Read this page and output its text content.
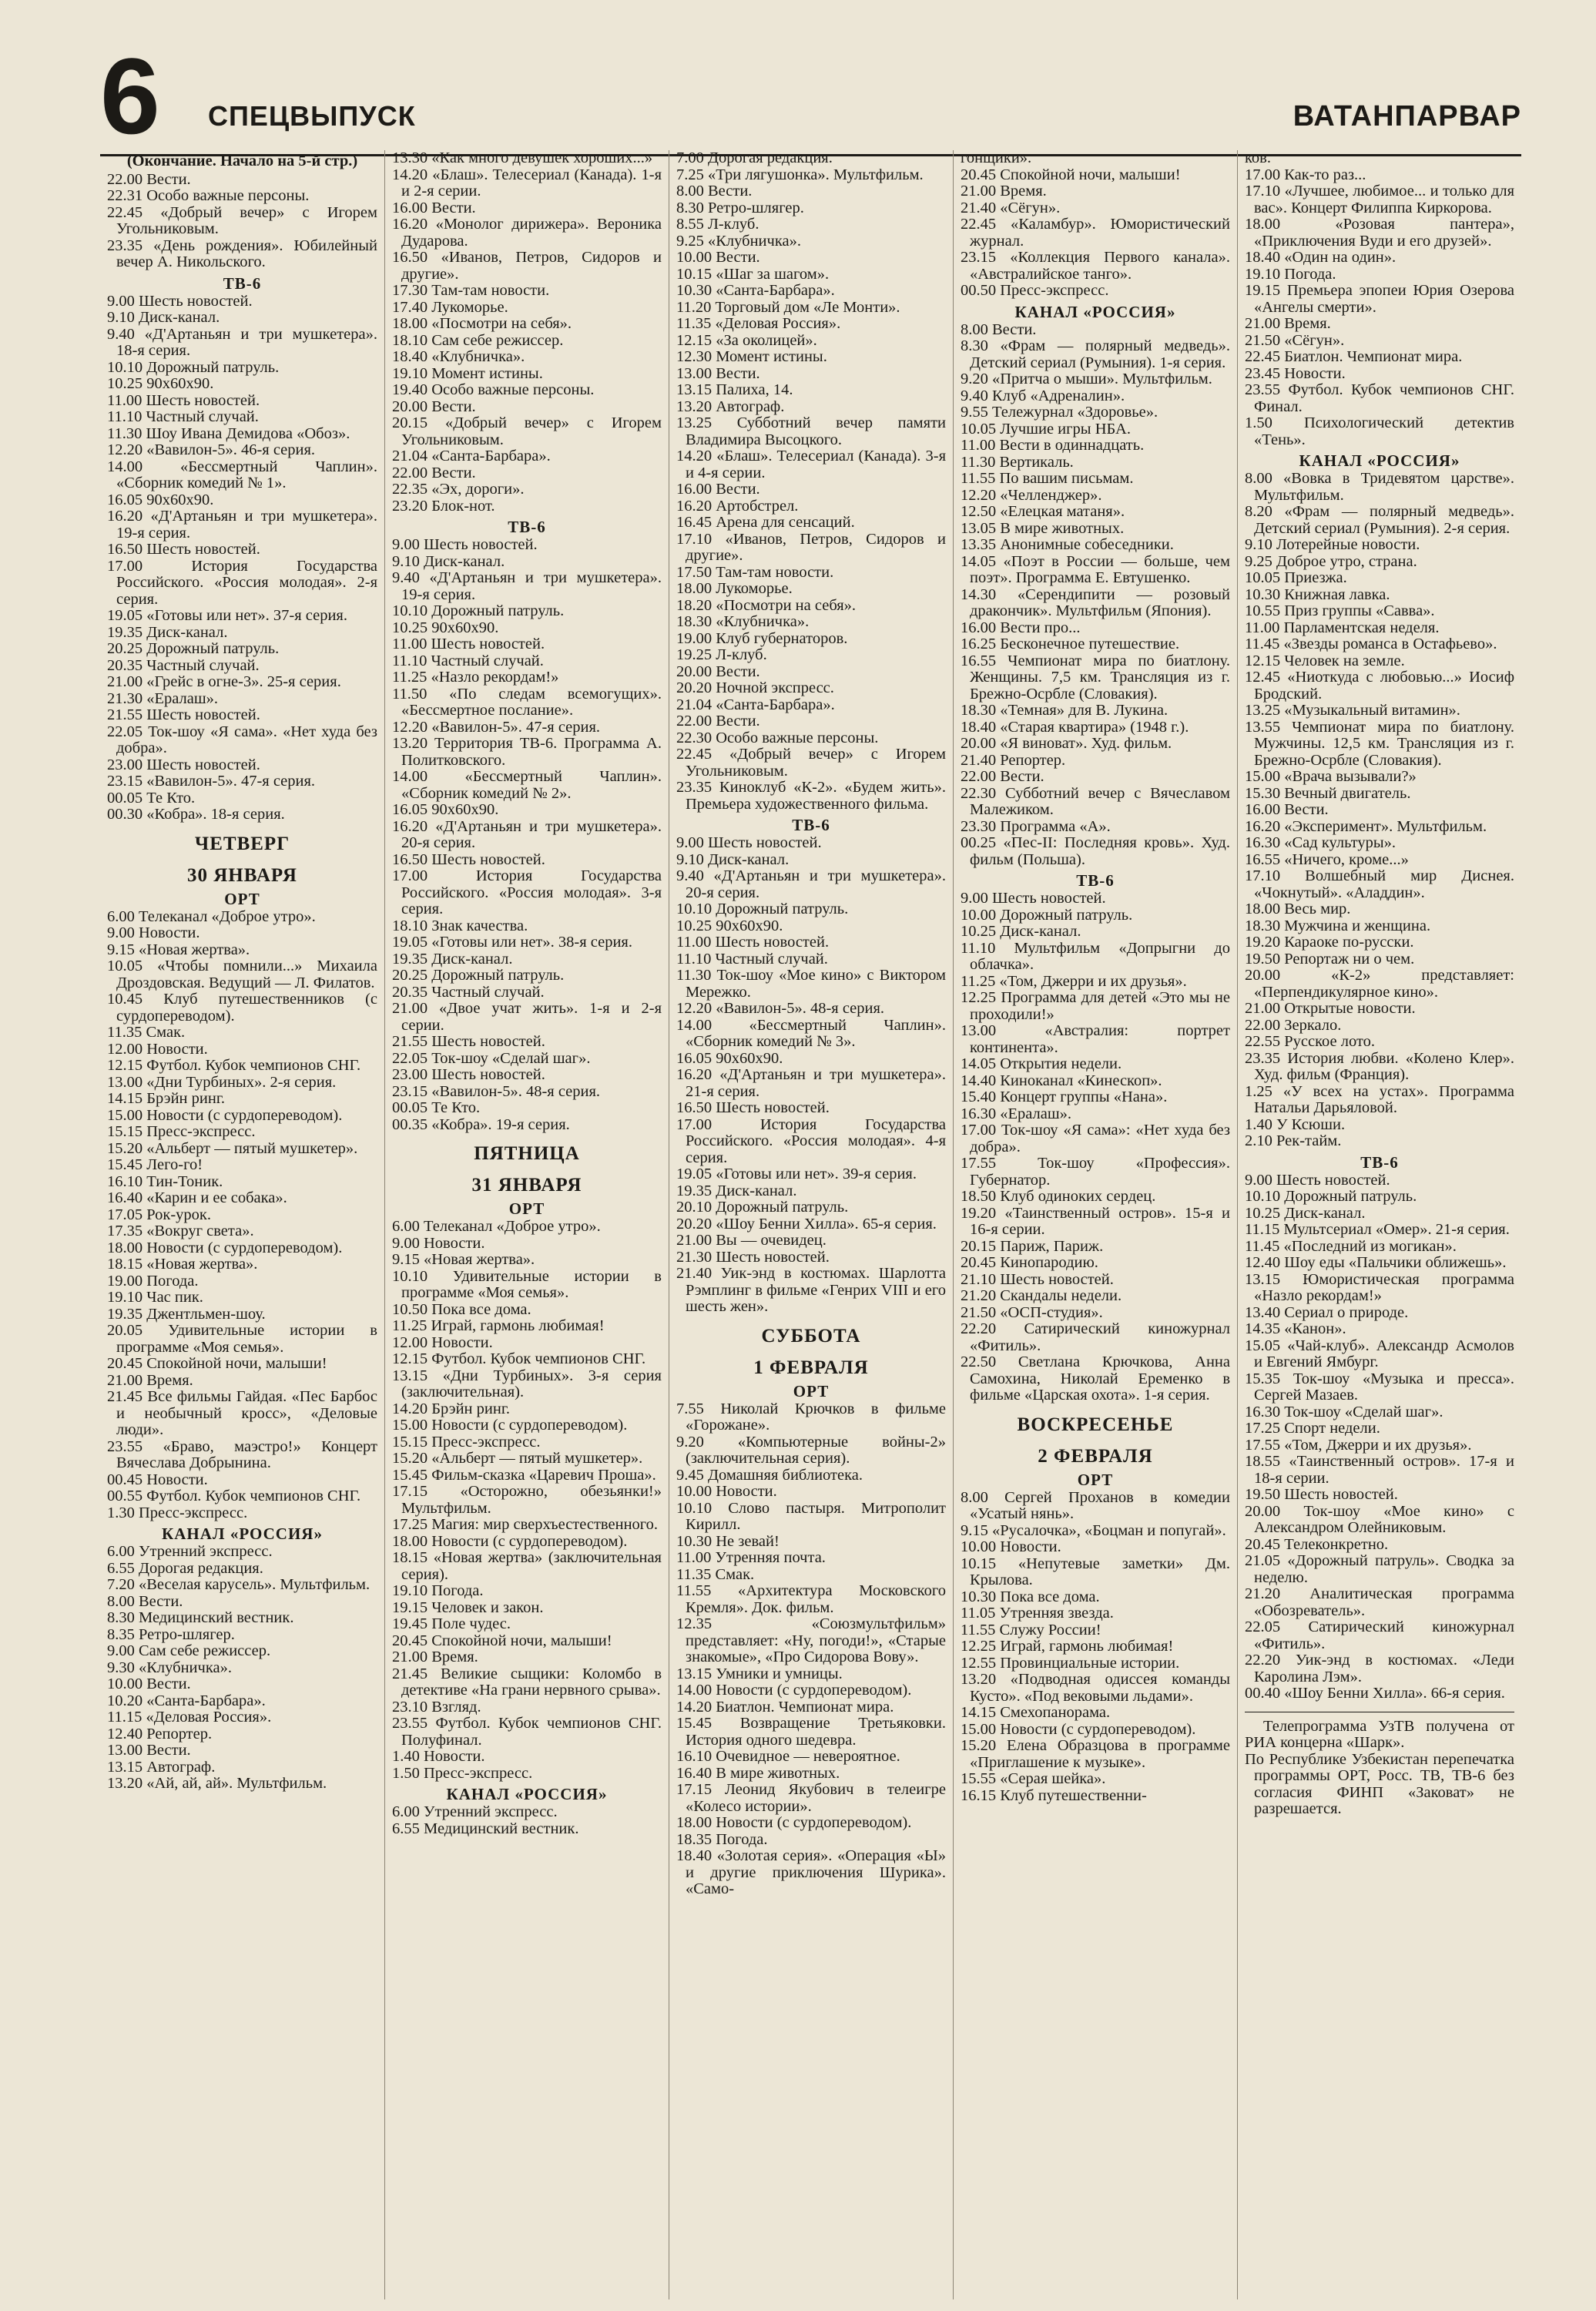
6 СПЕЦВЫПУСК	ВАТАНПАРВАР

(Окончание. Начало на 5-й стр.)

22.00 Вести.

22.31 Особо важные персоны.

22.45 «Добрый вечер» с Игорем Угольниковым.

23.35 «День рождения». Юбилейный вечер А. Никольского.

ТВ-6

9.00 Шесть новостей.

9.10 Диск-канал.

9.40 «Д'Артаньян и три мушкетера». 18-я серия.

10.10 Дорожный патруль.

10.25 90x60x90.

11.00 Шесть новостей.

11.10 Частный случай.

11.30 Шоу Ивана Демидова «Обоз».

12.20 «Вавилон-5». 46-я серия.

14.00 «Бессмертный Чаплин». «Сборник комедий № 1».

16.05 90x60x90.

16.20 «Д'Артаньян и три мушкетера». 19-я серия.

16.50 Шесть новостей.

17.00 История Государства Российского. «Россия молодая». 2-я серия.

19.05 «Готовы или нет». 37-я серия.

19.35 Диск-канал.

20.25 Дорожный патруль.

20.35 Частный случай.

21.00 «Грейс в огне-3». 25-я серия.

21.30 «Ералаш».

21.55 Шесть новостей.

22.05 Ток-шоу «Я сама». «Нет худа без добра».

23.00 Шесть новостей.

23.15 «Вавилон-5». 47-я серия.

00.05 Те Кто.

00.30 «Кобра». 18-я серия.

ЧЕТВЕРГ

30 ЯНВАРЯ

ОРТ

6.00 Телеканал «Доброе утро».

9.00 Новости.

9.15 «Новая жертва».

10.05 «Чтобы помнили...» Михаила Дроздовская. Ведущий — Л. Филатов.

10.45 Клуб путешественников (с сурдопереводом).

11.35 Смак.

12.00 Новости.

12.15 Футбол. Кубок чемпионов СНГ.

13.00 «Дни Турбиных». 2-я серия.

14.15 Брэйн ринг.

15.00 Новости (с сурдопереводом).

15.15 Пресс-экспресс.

15.20 «Альберт — пятый мушкетер».

15.45 Лего-го!

16.10 Тин-Тоник.

16.40 «Карин и ее собака».

17.05 Рок-урок.

17.35 «Вокруг света».

18.00 Новости (с сурдопереводом).

18.15 «Новая жертва».

19.00 Погода.

19.10 Час пик.

19.35 Джентльмен-шоу.

20.05 Удивительные истории в программе «Моя семья».

20.45 Спокойной ночи, малыши!

21.00 Время.

21.45 Все фильмы Гайдая. «Пес Барбос и необычный кросс», «Деловые люди».

23.55 «Браво, маэстро!» Концерт Вячеслава Добрынина.

00.45 Новости.

00.55 Футбол. Кубок чемпионов СНГ.

1.30 Пресс-экспресс.

КАНАЛ «РОССИЯ»

6.00 Утренний экспресс.

6.55 Дорогая редакция.

7.20 «Веселая карусель». Мультфильм.

8.00 Вести.

8.30 Медицинский вестник.

8.35 Ретро-шлягер.

9.00 Сам себе режиссер.

9.30 «Клубничка».

10.00 Вести.

10.20 «Санта-Барбара».

11.15 «Деловая Россия».

12.40 Репортер.

13.00 Вести.

13.15 Автограф.

13.20 «Ай, ай, ай». Мультфильм.

13.30 «Как много девушек хороших...»

14.20 «Блаш». Телесериал (Канада). 1-я и 2-я серии.

16.00 Вести.

16.20 «Монолог дирижера». Вероника Дударова.

16.50 «Иванов, Петров, Сидоров и другие».

17.30 Там-там новости.

17.40 Лукоморье.

18.00 «Посмотри на себя».

18.10 Сам себе режиссер.

18.40 «Клубничка».

19.10 Момент истины.

19.40 Особо важные персоны.

20.00 Вести.

20.15 «Добрый вечер» с Игорем Угольниковым.

21.04 «Санта-Барбара».

22.00 Вести.

22.35 «Эх, дороги».

23.20 Блок-нот.

ТВ-6

9.00 Шесть новостей.

9.10 Диск-канал.

9.40 «Д'Артаньян и три мушкетера». 19-я серия.

10.10 Дорожный патруль.

10.25 90x60x90.

11.00 Шесть новостей.

11.10 Частный случай.

11.25 «Назло рекордам!»

11.50 «По следам всемогущих». «Бессмертное послание».

12.20 «Вавилон-5». 47-я серия.

13.20 Территория ТВ-6. Программа А. Политковского.

14.00 «Бессмертный Чаплин». «Сборник комедий № 2».

16.05 90x60x90.

16.20 «Д'Артаньян и три мушкетера». 20-я серия.

16.50 Шесть новостей.

17.00 История Государства Российского. «Россия молодая». 3-я серия.

18.10 Знак качества.

19.05 «Готовы или нет». 38-я серия.

19.35 Диск-канал.

20.25 Дорожный патруль.

20.35 Частный случай.

21.00 «Двое учат жить». 1-я и 2-я серии.

21.55 Шесть новостей.

22.05 Ток-шоу «Сделай шаг».

23.00 Шесть новостей.

23.15 «Вавилон-5». 48-я серия.

00.05 Те Кто.

00.35 «Кобра». 19-я серия.

ПЯТНИЦА

31 ЯНВАРЯ

ОРТ

6.00 Телеканал «Доброе утро».

9.00 Новости.

9.15 «Новая жертва».

10.10 Удивительные истории в программе «Моя семья».

10.50 Пока все дома.

11.25 Играй, гармонь любимая!

12.00 Новости.

12.15 Футбол. Кубок чемпионов СНГ.

13.15 «Дни Турбиных». 3-я серия (заключительная).

14.20 Брэйн ринг.

15.00 Новости (с сурдопереводом).

15.15 Пресс-экспресс.

15.20 «Альберт — пятый мушкетер».

15.45 Фильм-сказка «Царевич Проша».

17.15 «Осторожно, обезьянки!» Мультфильм.

17.25 Магия: мир сверхъестественного.

18.00 Новости (с сурдопереводом).

18.15 «Новая жертва» (заключительная серия).

19.10 Погода.

19.15 Человек и закон.

19.45 Поле чудес.

20.45 Спокойной ночи, малыши!

21.00 Время.

21.45 Великие сыщики: Коломбо в детективе «На грани нервного срыва».

23.10 Взгляд.

23.55 Футбол. Кубок чемпионов СНГ. Полуфинал.

1.40 Новости.

1.50 Пресс-экспресс.

КАНАЛ «РОССИЯ»

6.00 Утренний экспресс.

6.55 Медицинский вестник.

7.00 Дорогая редакция.

7.25 «Три лягушонка». Мультфильм.

8.00 Вести.

8.30 Ретро-шлягер.

8.55 Л-клуб.

9.25 «Клубничка».

10.00 Вести.

10.15 «Шаг за шагом».

10.30 «Санта-Барбара».

11.20 Торговый дом «Ле Монти».

11.35 «Деловая Россия».

12.15 «За околицей».

12.30 Момент истины.

13.00 Вести.

13.15 Палиха, 14.

13.20 Автограф.

13.25 Субботний вечер памяти Владимира Высоцкого.

14.20 «Блаш». Телесериал (Канада). 3-я и 4-я серии.

16.00 Вести.

16.20 Артобстрел.

16.45 Арена для сенсаций.

17.10 «Иванов, Петров, Сидоров и другие».

17.50 Там-там новости.

18.00 Лукоморье.

18.20 «Посмотри на себя».

18.30 «Клубничка».

19.00 Клуб губернаторов.

19.25 Л-клуб.

20.00 Вести.

20.20 Ночной экспресс.

21.04 «Санта-Барбара».

22.00 Вести.

22.30 Особо важные персоны.

22.45 «Добрый вечер» с Игорем Угольниковым.

23.35 Киноклуб «К-2». «Будем жить». Премьера художественного фильма.

ТВ-6

9.00 Шесть новостей.

9.10 Диск-канал.

9.40 «Д'Артаньян и три мушкетера». 20-я серия.

10.10 Дорожный патруль.

10.25 90x60x90.

11.00 Шесть новостей.

11.10 Частный случай.

11.30 Ток-шоу «Мое кино» с Виктором Мережко.

12.20 «Вавилон-5». 48-я серия.

14.00 «Бессмертный Чаплин». «Сборник комедий № 3».

16.05 90x60x90.

16.20 «Д'Артаньян и три мушкетера». 21-я серия.

16.50 Шесть новостей.

17.00 История Государства Российского. «Россия молодая». 4-я серия.

19.05 «Готовы или нет». 39-я серия.

19.35 Диск-канал.

20.10 Дорожный патруль.

20.20 «Шоу Бенни Хилла». 65-я серия.

21.00 Вы — очевидец.

21.30 Шесть новостей.

21.40 Уик-энд в костюмах. Шарлотта Рэмплинг в фильме «Генрих VIII и его шесть жен».

СУББОТА

1 ФЕВРАЛЯ

ОРТ

7.55 Николай Крючков в фильме «Горожане».

9.20 «Компьютерные войны-2» (заключительная серия).

9.45 Домашняя библиотека.

10.00 Новости.

10.10 Слово пастыря. Митрополит Кирилл.

10.30 Не зевай!

11.00 Утренняя почта.

11.35 Смак.

11.55 «Архитектура Московского Кремля». Док. фильм.

12.35 «Союзмультфильм» представляет: «Ну, погоди!», «Старые знакомые», «Про Сидорова Вову».

13.15 Умники и умницы.

14.00 Новости (с сурдопереводом).

14.20 Биатлон. Чемпионат мира.

15.45 Возвращение Третьяковки. История одного шедевра.

16.10 Очевидное — невероятное.

16.40 В мире животных.

17.15 Леонид Якубович в телеигре «Колесо истории».

18.00 Новости (с сурдопереводом).

18.35 Погода.

18.40 «Золотая серия». «Операция «Ы» и другие приключения Шурика». «Само-

гонщики».

20.45 Спокойной ночи, малыши!

21.00 Время.

21.40 «Сёгун».

22.45 «Каламбур». Юмористический журнал.

23.15 «Коллекция Первого канала». «Австралийское танго».

00.50 Пресс-экспресс.

КАНАЛ «РОССИЯ»

8.00 Вести.

8.30 «Фрам — полярный медведь». Детский сериал (Румыния). 1-я серия.

9.20 «Притча о мыши». Мультфильм.

9.40 Клуб «Адреналин».

9.55 Тележурнал «Здоровье».

10.05 Лучшие игры НБА.

11.00 Вести в одиннадцать.

11.30 Вертикаль.

11.55 По вашим письмам.

12.20 «Челленджер».

12.50 «Елецкая матаня».

13.05 В мире животных.

13.35 Анонимные собеседники.

14.05 «Поэт в России — больше, чем поэт». Программа Е. Евтушенко.

14.30 «Серендипити — розовый дракончик». Мультфильм (Япония).

16.00 Вести про...

16.25 Бесконечное путешествие.

16.55 Чемпионат мира по биатлону. Женщины. 7,5 км. Трансляция из г. Брежно-Осрбле (Словакия).

18.30 «Темная» для В. Лукина.

18.40 «Старая квартира» (1948 г.).

20.00 «Я виноват». Худ. фильм.

21.40 Репортер.

22.00 Вести.

22.30 Субботний вечер с Вячеславом Малежиком.

23.30 Программа «А».

00.25 «Пес-II: Последняя кровь». Худ. фильм (Польша).

ТВ-6

9.00 Шесть новостей.

10.00 Дорожный патруль.

10.25 Диск-канал.

11.10 Мультфильм «Допрыгни до облачка».

11.25 «Том, Джерри и их друзья».

12.25 Программа для детей «Это мы не проходили!»

13.00 «Австралия: портрет континента».

14.05 Открытия недели.

14.40 Киноканал «Кинескоп».

15.40 Концерт группы «Нана».

16.30 «Ералаш».

17.00 Ток-шоу «Я сама»: «Нет худа без добра».

17.55 Ток-шоу «Профессия». Губернатор.

18.50 Клуб одиноких сердец.

19.20 «Таинственный остров». 15-я и 16-я серии.

20.15 Париж, Париж.

20.45 Кинопародию.

21.10 Шесть новостей.

21.20 Скандалы недели.

21.50 «ОСП-студия».

22.20 Сатирический киножурнал «Фитиль».

22.50 Светлана Крючкова, Анна Самохина, Николай Еременко в фильме «Царская охота». 1-я серия.

ВОСКРЕСЕНЬЕ

2 ФЕВРАЛЯ

ОРТ

8.00 Сергей Проханов в комедии «Усатый нянь».

9.15 «Русалочка», «Боцман и попугай».

10.00 Новости.

10.15 «Непутевые заметки» Дм. Крылова.

10.30 Пока все дома.

11.05 Утренняя звезда.

11.55 Служу России!

12.25 Играй, гармонь любимая!

12.55 Провинциальные истории.

13.20 «Подводная одиссея команды Кусто». «Под вековыми льдами».

14.15 Смехопанорама.

15.00 Новости (с сурдопереводом).

15.20 Елена Образцова в программе «Приглашение к музыке».

15.55 «Серая шейка».

16.15 Клуб путешественни-

ков.

17.00 Как-то раз...

17.10 «Лучшее, любимое... и только для вас». Концерт Филиппа Киркорова.

18.00 «Розовая пантера», «Приключения Вуди и его друзей».

18.40 «Один на один».

19.10 Погода.

19.15 Премьера эпопеи Юрия Озерова «Ангелы смерти».

21.00 Время.

21.50 «Сёгун».

22.45 Биатлон. Чемпионат мира.

23.45 Новости.

23.55 Футбол. Кубок чемпионов СНГ. Финал.

1.50 Психологический детектив «Тень».

КАНАЛ «РОССИЯ»

8.00 «Вовка в Тридевятом царстве». Мультфильм.

8.20 «Фрам — полярный медведь». Детский сериал (Румыния). 2-я серия.

9.10 Лотерейные новости.

9.25 Доброе утро, страна.

10.05 Приезжа.

10.30 Книжная лавка.

10.55 Приз группы «Савва».

11.00 Парламентская неделя.

11.45 «Звезды романса в Остафьево».

12.15 Человек на земле.

12.45 «Ниоткуда с любовью...» Иосиф Бродский.

13.25 «Музыкальный витамин».

13.55 Чемпионат мира по биатлону. Мужчины. 12,5 км. Трансляция из г. Брежно-Осрбле (Словакия).

15.00 «Врача вызывали?»

15.30 Вечный двигатель.

16.00 Вести.

16.20 «Эксперимент». Мультфильм.

16.30 «Сад культуры».

16.55 «Ничего, кроме...»

17.10 Волшебный мир Диснея. «Чокнутый». «Аладдин».

18.00 Весь мир.

18.30 Мужчина и женщина.

19.20 Караоке по-русски.

19.50 Репортаж ни о чем.

20.00 «К-2» представляет: «Перпендикулярное кино».

21.00 Открытые новости.

22.00 Зеркало.

22.55 Русское лото.

23.35 История любви. «Колено Клер». Худ. фильм (Франция).

1.25 «У всех на устах». Программа Натальи Дарьяловой.

1.40 У Ксюши.

2.10 Рек-тайм.

ТВ-6

9.00 Шесть новостей.

10.10 Дорожный патруль.

10.25 Диск-канал.

11.15 Мультсериал «Омер». 21-я серия.

11.45 «Последний из могикан».

12.40 Шоу еды «Пальчики оближешь».

13.15 Юмористическая программа «Назло рекордам!»

13.40 Сериал о природе.

14.35 «Канон».

15.05 «Чай-клуб». Александр Асмолов и Евгений Ямбург.

15.35 Ток-шоу «Музыка и пресса». Сергей Мазаев.

16.30 Ток-шоу «Сделай шаг».

17.25 Спорт недели.

17.55 «Том, Джерри и их друзья».

18.55 «Таинственный остров». 17-я и 18-я серии.

19.50 Шесть новостей.

20.00 Ток-шоу «Мое кино» с Александром Олейниковым.

20.45 Телеконкретно.

21.05 «Дорожный патруль». Сводка за неделю.

21.20 Аналитическая программа «Обозреватель».

22.05 Сатирический киножурнал «Фитиль».

22.20 Уик-энд в костюмах. «Леди Каролина Лэм».

00.40 «Шоу Бенни Хилла». 66-я серия.

Телепрограмма УзТВ получена от РИА концерна «Шарк».

По Республике Узбекистан перепечатка программы ОРТ, Росс. ТВ, ТВ-6 без согласия ФИНП «Заковат» не разрешается.
